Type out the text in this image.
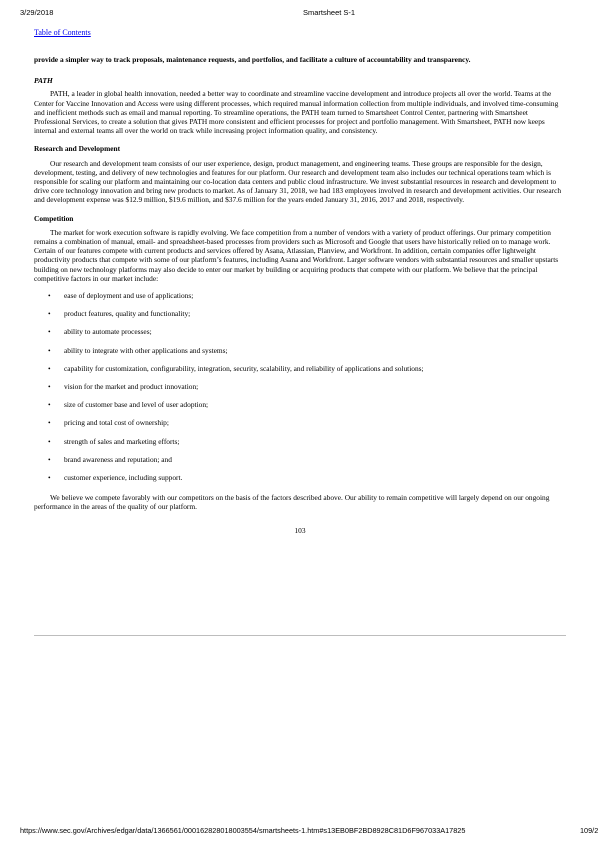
3/29/2018	Smartsheet S-1
Table of Contents

provide a simpler way to track proposals, maintenance requests, and portfolios, and facilitate a culture of accountability and transparency.

PATH

PATH, a leader in global health innovation, needed a better way to coordinate and streamline vaccine development and introduce projects all over the world. Teams at the Center for Vaccine Innovation and Access were using different processes, which required manual information collection from multiple individuals, and involved time-consuming and inefficient methods such as email and manual reporting. To streamline operations, the PATH team turned to Smartsheet Control Center, partnering with Smartsheet Professional Services, to create a solution that gives PATH more consistent and efficient processes for project and portfolio management. With Smartsheet, PATH now keeps internal and external teams all over the world on track while increasing project information quality, and consistency.

Research and Development

Our research and development team consists of our user experience, design, product management, and engineering teams. These groups are responsible for the design, development, testing, and delivery of new technologies and features for our platform. Our research and development team also includes our technical operations team which is responsible for scaling our platform and maintaining our co-location data centers and public cloud infrastructure. We invest substantial resources in research and development to drive core technology innovation and bring new products to market. As of January 31, 2018, we had 183 employees involved in research and development activities. Our research and development expense was $12.9 million, $19.6 million, and $37.6 million for the years ended January 31, 2016, 2017 and 2018, respectively.

Competition

The market for work execution software is rapidly evolving. We face competition from a number of vendors with a variety of product offerings. Our primary competition remains a combination of manual, email- and spreadsheet-based processes from providers such as Microsoft and Google that users have historically relied on to manage work. Certain of our features compete with current products and services offered by Asana, Atlassian, Planview, and Workfront. In addition, certain companies offer lightweight productivity products that compete with some of our platform’s features, including Asana and Workfront. Larger software vendors with substantial resources and smaller upstarts building on new technology platforms may also decide to enter our market by building or acquiring products that compete with our platform. We believe that the principal competitive factors in our market include:

• ease of deployment and use of applications;
• product features, quality and functionality;
• ability to automate processes;
• ability to integrate with other applications and systems;
• capability for customization, configurability, integration, security, scalability, and reliability of applications and solutions;
• vision for the market and product innovation;
• size of customer base and level of user adoption;
• pricing and total cost of ownership;
• strength of sales and marketing efforts;
• brand awareness and reputation; and
• customer experience, including support.

We believe we compete favorably with our competitors on the basis of the factors described above. Our ability to remain competitive will largely depend on our ongoing performance in the areas of the quality of our platform.

103

https://www.sec.gov/Archives/edgar/data/1366561/000162828018003554/smartsheets-1.htm#s13EB0BF2BD8928C81D6F967033A17825	109/2
